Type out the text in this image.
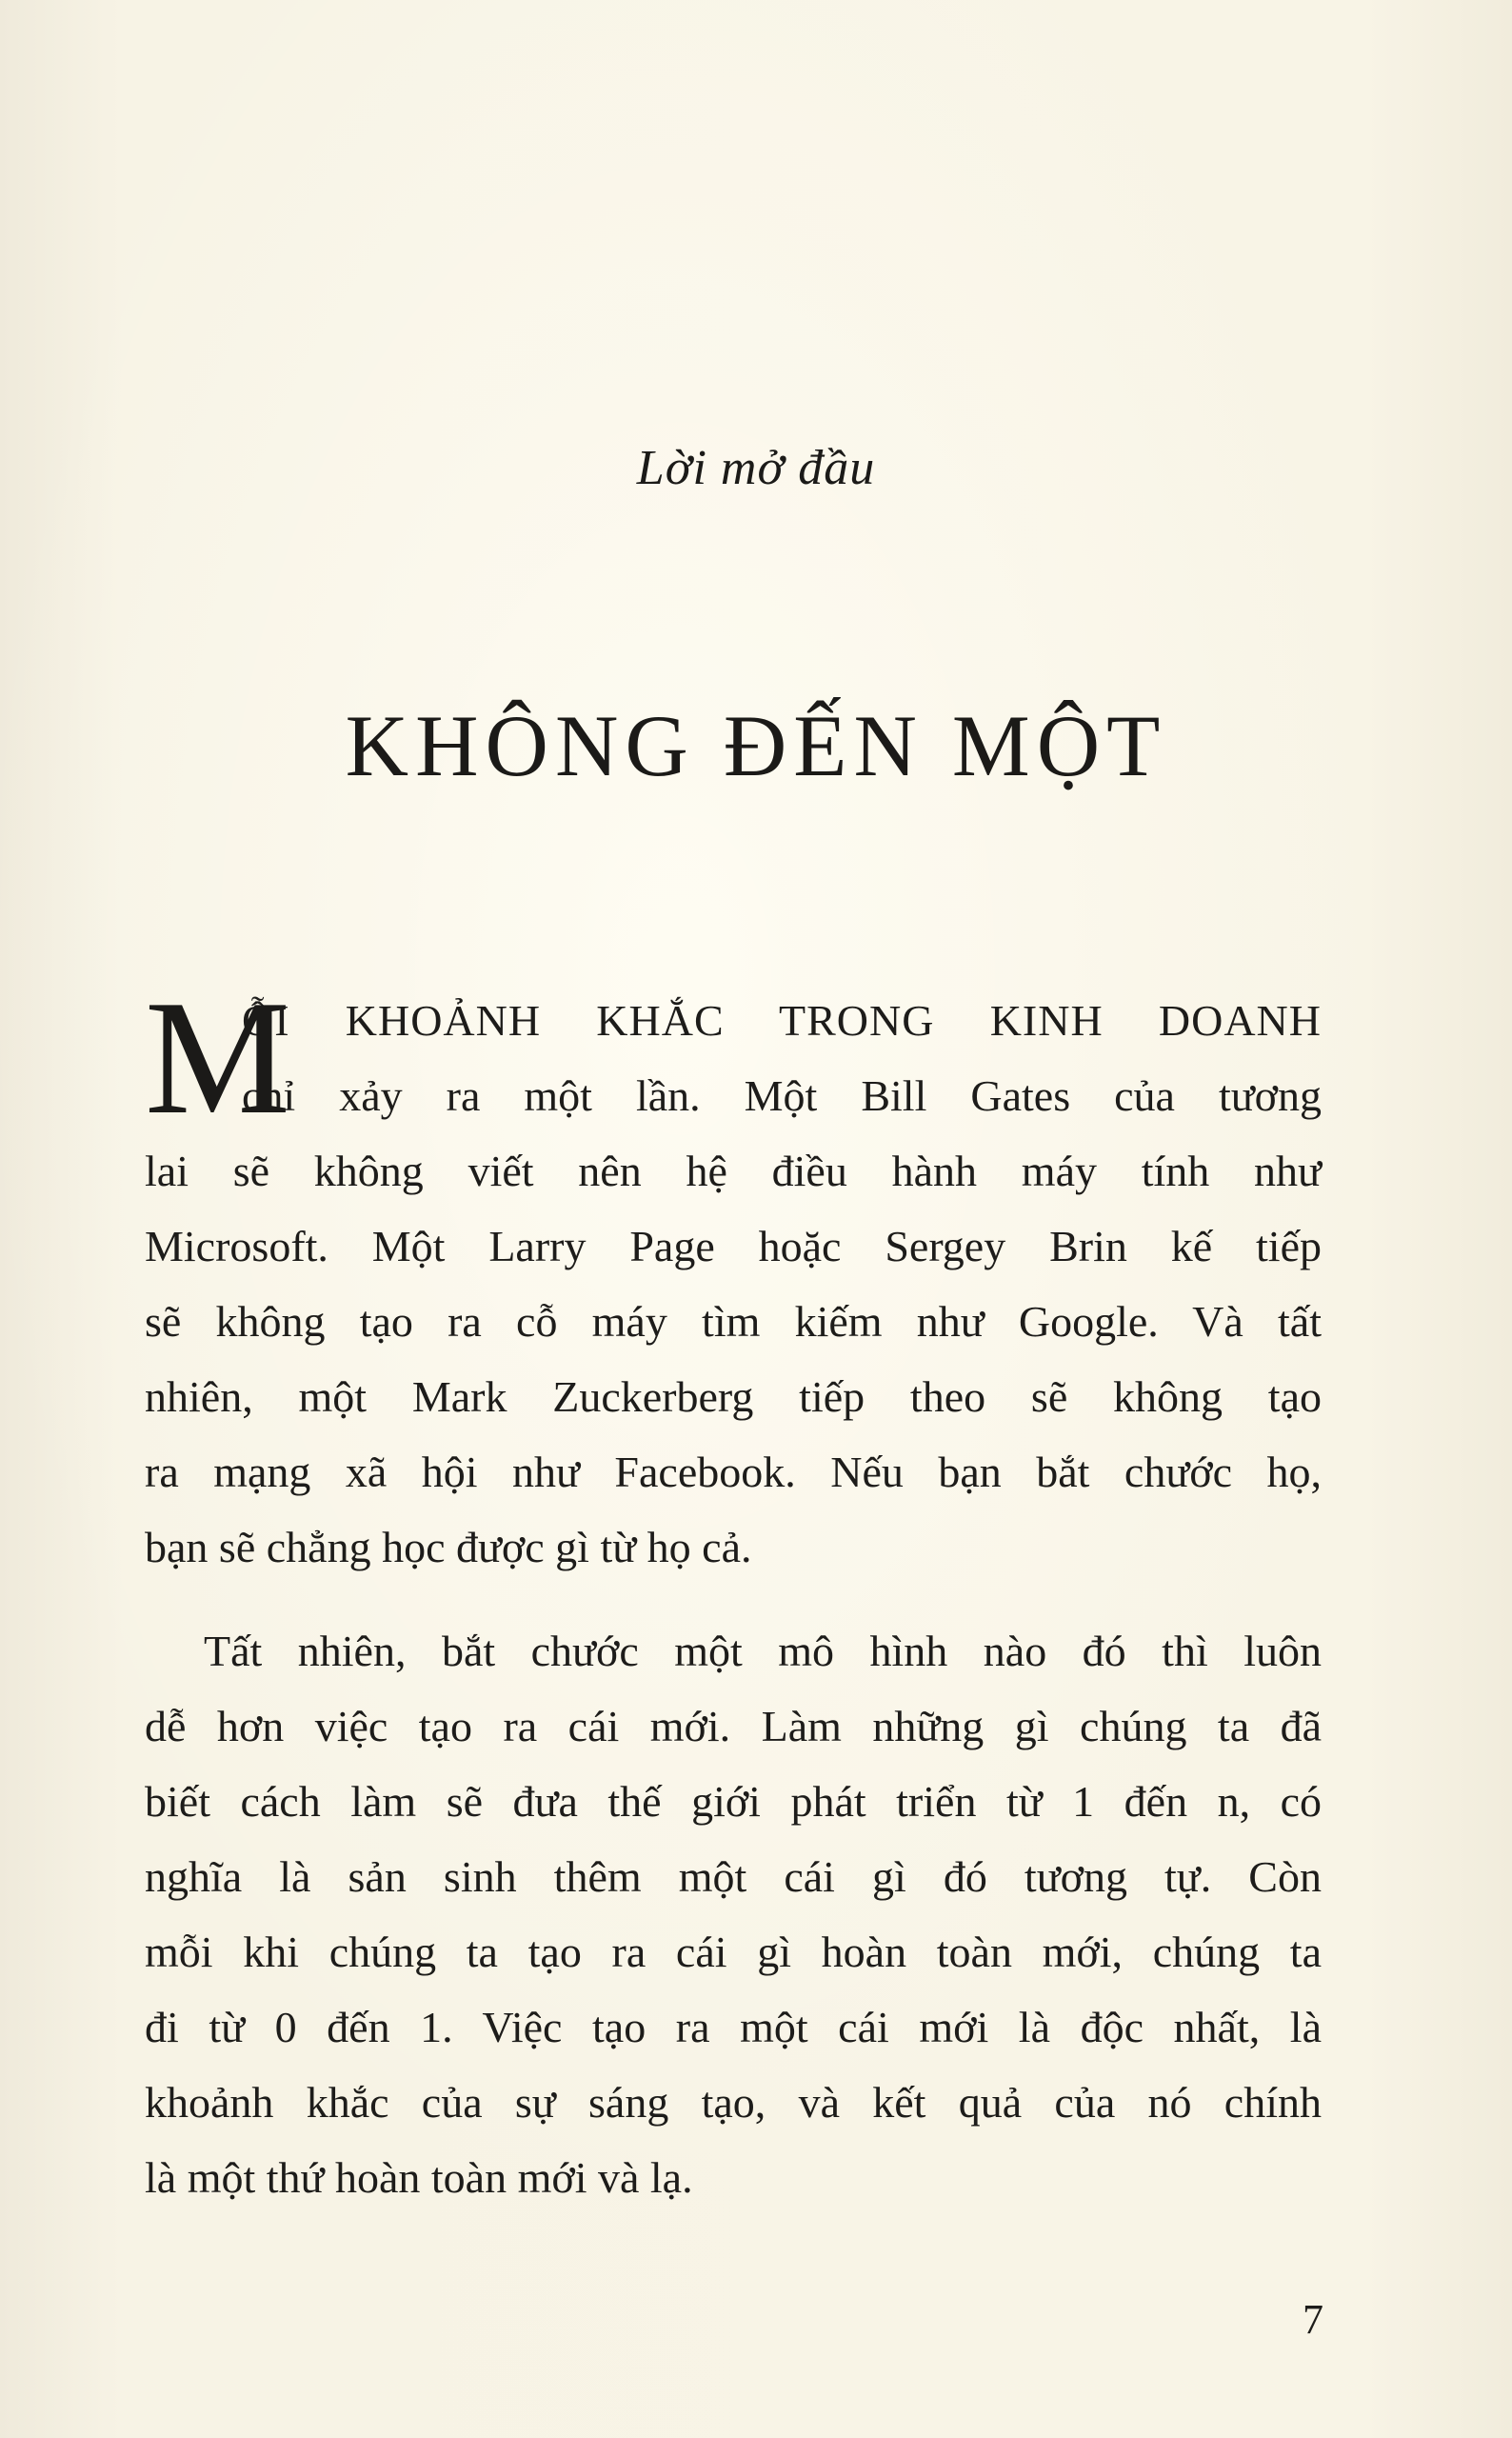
Lời mở đầu
KHÔNG ĐẾN MỘT
M
ỖI KHOẢNH KHẮC TRONG KINH DOANH
chỉ xảy ra một lần. Một Bill Gates của tương
lai sẽ không viết nên hệ điều hành máy tính như
Microsoft. Một Larry Page hoặc Sergey Brin kế tiếp
sẽ không tạo ra cỗ máy tìm kiếm như Google. Và tất
nhiên, một Mark Zuckerberg tiếp theo sẽ không tạo
ra mạng xã hội như Facebook. Nếu bạn bắt chước họ,
bạn sẽ chẳng học được gì từ họ cả.
Tất nhiên, bắt chước một mô hình nào đó thì luôn
dễ hơn việc tạo ra cái mới. Làm những gì chúng ta đã
biết cách làm sẽ đưa thế giới phát triển từ 1 đến n, có
nghĩa là sản sinh thêm một cái gì đó tương tự. Còn
mỗi khi chúng ta tạo ra cái gì hoàn toàn mới, chúng ta
đi từ 0 đến 1. Việc tạo ra một cái mới là độc nhất, là
khoảnh khắc của sự sáng tạo, và kết quả của nó chính
là một thứ hoàn toàn mới và lạ.
7
